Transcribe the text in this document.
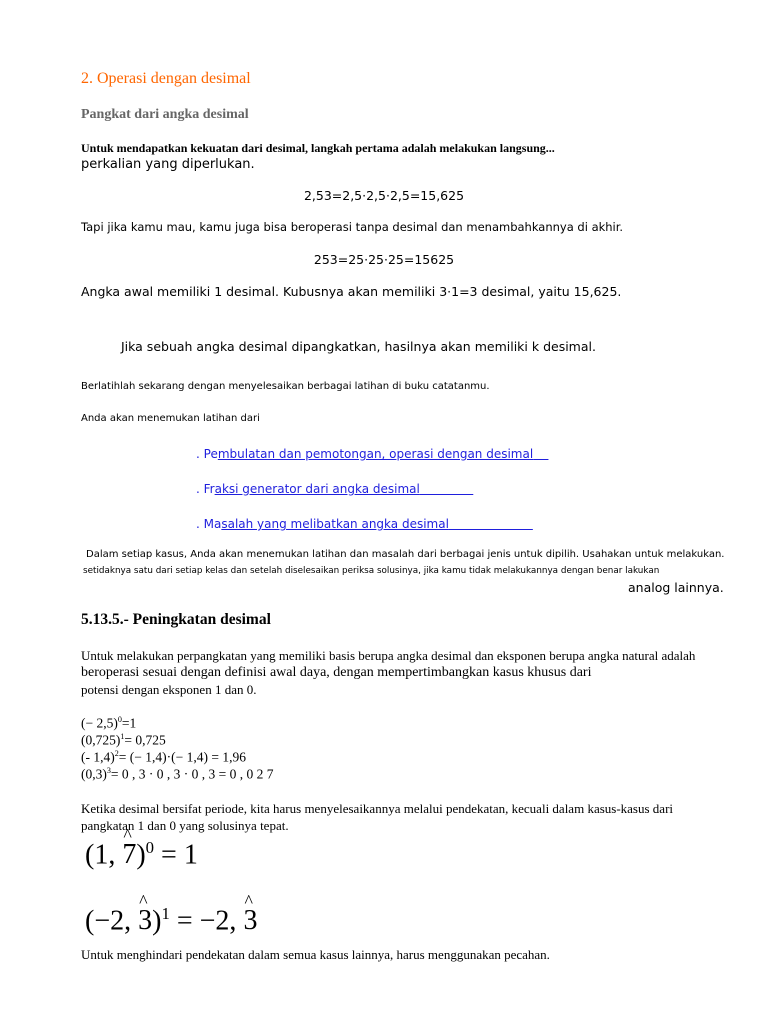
2. Operasi dengan desimal
Pangkat dari angka desimal
Untuk mendapatkan kekuatan dari desimal, langkah pertama adalah melakukan langsung...
perkalian yang diperlukan.
2,53=2,5·2,5·2,5=15,625
Tapi jika kamu mau, kamu juga bisa beroperasi tanpa desimal dan menambahkannya di akhir.
253=25·25·25=15625
Angka awal memiliki 1 desimal. Kubusnya akan memiliki 3·1=3 desimal, yaitu 15,625.
Jika sebuah angka desimal dipangkatkan, hasilnya akan memiliki k desimal.
Berlatihlah sekarang dengan menyelesaikan berbagai latihan di buku catatanmu.
Anda akan menemukan latihan dari
. Pembulatan dan pemotongan, operasi dengan desimal
. Fraksi generator dari angka desimal
. Masalah yang melibatkan angka desimal
Dalam setiap kasus, Anda akan menemukan latihan dan masalah dari berbagai jenis untuk dipilih. Usahakan untuk melakukan.
setidaknya satu dari setiap kelas dan setelah diselesaikan periksa solusinya, jika kamu tidak melakukannya dengan benar lakukan
analog lainnya.
5.13.5.- Peningkatan desimal
Untuk melakukan perpangkatan yang memiliki basis berupa angka desimal dan eksponen berupa angka natural adalah
beroperasi sesuai dengan definisi awal daya, dengan mempertimbangkan kasus khusus dari
potensi dengan eksponen 1 dan 0.
(− 2,5)$^0$=1
$(0,725)^1= 0,725$
(- 1,4)$^2$= (− 1,4)·(− 1,4) = 1,96
$(0,3)^3= 0$ , 3 · 0 , 3 · 0 , 3 = 0 , 0 2 7
Ketika desimal bersifat periode, kita harus menyelesaikannya melalui pendekatan, kecuali dalam kasus-kasus dari
pangkatan 1 dan 0 yang solusinya tepat.
(1, ^ 7)$^0$ = 1
(−2, ^ 3)$^1$ = −2, ^ 3
Untuk menghindari pendekatan dalam semua kasus lainnya, harus menggunakan pecahan.
